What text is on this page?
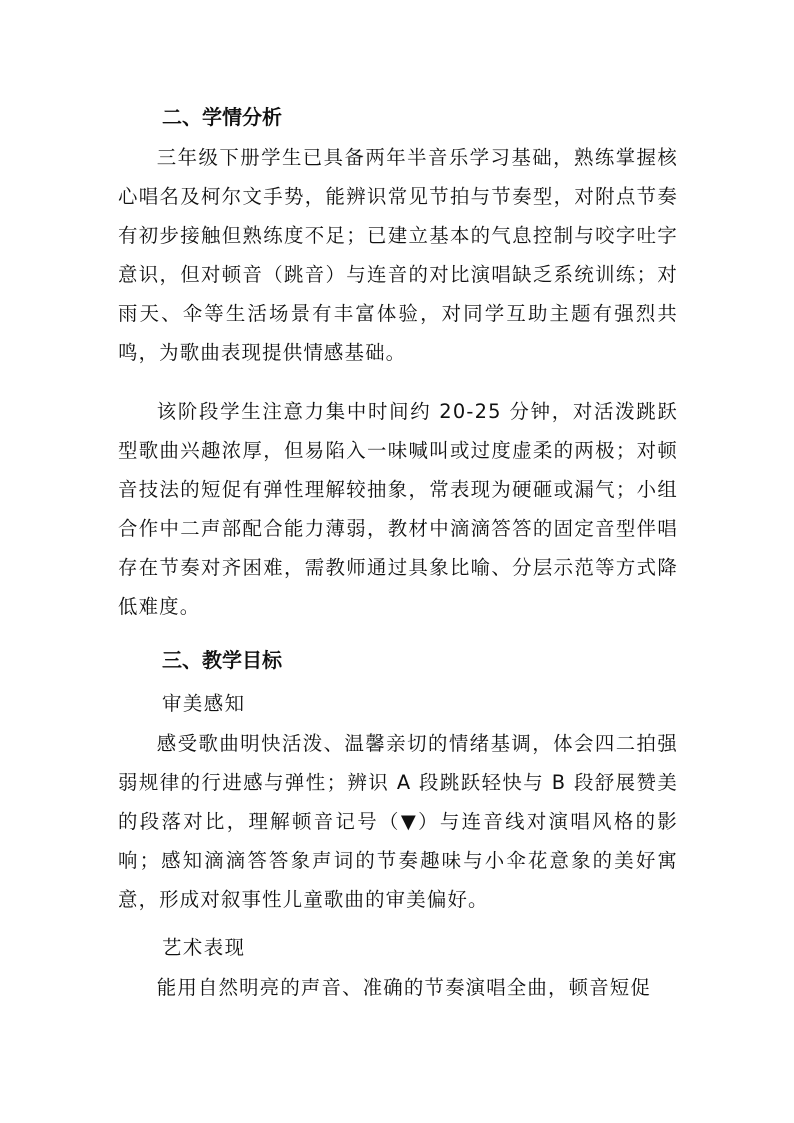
二、学情分析
三年级下册学生已具备两年半音乐学习基础，熟练掌握核心唱名及柯尔文手势，能辨识常见节拍与节奏型，对附点节奏有初步接触但熟练度不足；已建立基本的气息控制与咬字吐字意识，但对顿音（跳音）与连音的对比演唱缺乏系统训练；对雨天、伞等生活场景有丰富体验，对同学互助主题有强烈共鸣，为歌曲表现提供情感基础。
该阶段学生注意力集中时间约 20-25 分钟，对活泼跳跃型歌曲兴趣浓厚，但易陷入一味喊叫或过度虚柔的两极；对顿音技法的短促有弹性理解较抽象，常表现为硬砸或漏气；小组合作中二声部配合能力薄弱，教材中滴滴答答的固定音型伴唱存在节奏对齐困难，需教师通过具象比喻、分层示范等方式降低难度。
三、教学目标
审美感知
感受歌曲明快活泼、温馨亲切的情绪基调，体会四二拍强弱规律的行进感与弹性；辨识 A 段跳跃轻快与 B 段舒展赞美的段落对比，理解顿音记号（▼）与连音线对演唱风格的影响；感知滴滴答答象声词的节奏趣味与小伞花意象的美好寓意，形成对叙事性儿童歌曲的审美偏好。
艺术表现
能用自然明亮的声音、准确的节奏演唱全曲，顿音短促
